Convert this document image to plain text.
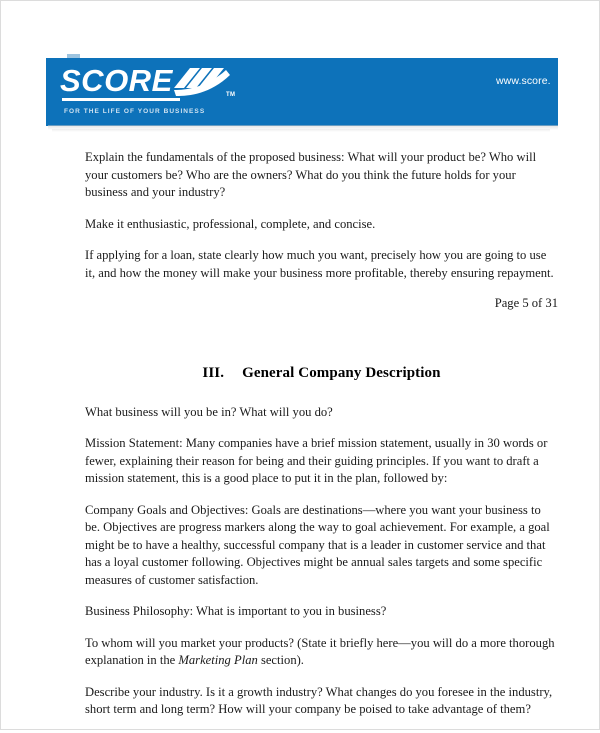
SCORE	TM
FOR THE LIFE OF YOUR BUSINESS
www.score.

Explain the fundamentals of the proposed business: What will your product be? Who will your customers be? Who are the owners? What do you think the future holds for your business and your industry?

Make it enthusiastic, professional, complete, and concise.

If applying for a loan, state clearly how much you want, precisely how you are going to use it, and how the money will make your business more profitable, thereby ensuring repayment.

Page 5 of 31

III. General Company Description

What business will you be in? What will you do?

Mission Statement: Many companies have a brief mission statement, usually in 30 words or fewer, explaining their reason for being and their guiding principles. If you want to draft a mission statement, this is a good place to put it in the plan, followed by:

Company Goals and Objectives: Goals are destinations—where you want your business to be. Objectives are progress markers along the way to goal achievement. For example, a goal might be to have a healthy, successful company that is a leader in customer service and that has a loyal customer following. Objectives might be annual sales targets and some specific measures of customer satisfaction.

Business Philosophy: What is important to you in business?

To whom will you market your products? (State it briefly here—you will do a more thorough explanation in the Marketing Plan section).

Describe your industry. Is it a growth industry? What changes do you foresee in the industry, short term and long term? How will your company be poised to take advantage of them?
